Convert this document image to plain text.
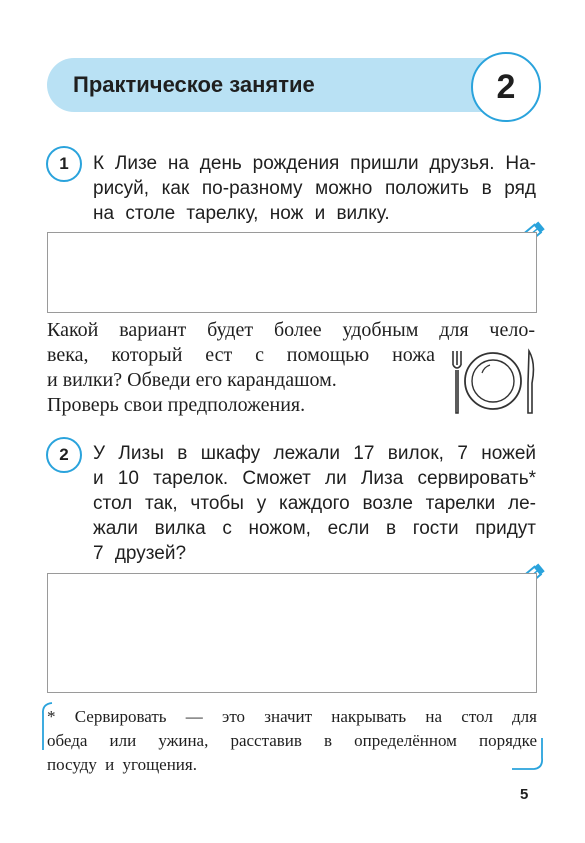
Практическое занятие	2
1	К Лизе на день рождения пришли друзья. На-

рисуй, как по-разному можно положить в ряд

на столе тарелку, нож и вилку.

Какой вариант будет более удобным для чело-

века, который ест с помощью ножа

и вилки? Обведи его карандашом.

Проверь свои предположения.

2	У Лизы в шкафу лежали 17 вилок, 7 ножей

и 10 тарелок. Сможет ли Лиза сервировать*

стол так, чтобы у каждого возле тарелки ле-

жали вилка с ножом, если в гости придут

7 друзей?

* Сервировать — это значит накрывать на стол для

обеда или ужина, расставив в определённом порядке

посуду и угощения.

5
